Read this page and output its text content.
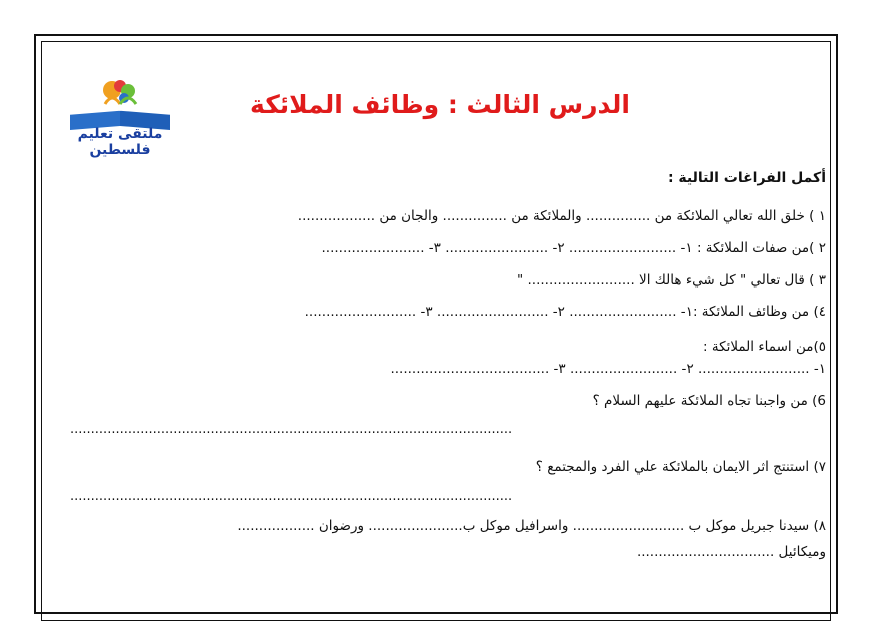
ملتقى تعليم فلسطين
الدرس الثالث : وظائف الملائكة
أكمل الفراغات التالية :
١ ) خلق الله تعالي الملائكة من ............... والملائكة من ............... والجان من ..................
٢ )من صفات الملائكة : ١- ......................... ٢- ........................ ٣- ........................
٣ ) قال تعالي " كل شيء هالك الا ......................... "
٤) من وظائف الملائكة :١- ......................... ٢- .......................... ٣- ..........................
٥)من اسماء الملائكة :
١- .......................... ٢- ......................... ٣- .....................................
6) من واجبنا تجاه الملائكة عليهم السلام ؟
...........................................................................................................
٧) استنتج اثر الايمان بالملائكة علي الفرد والمجتمع ؟
...........................................................................................................
٨) سيدنا جبريل موكل ب .......................... واسرافيل موكل ب...................... ورضوان ..................
وميكائيل ................................
